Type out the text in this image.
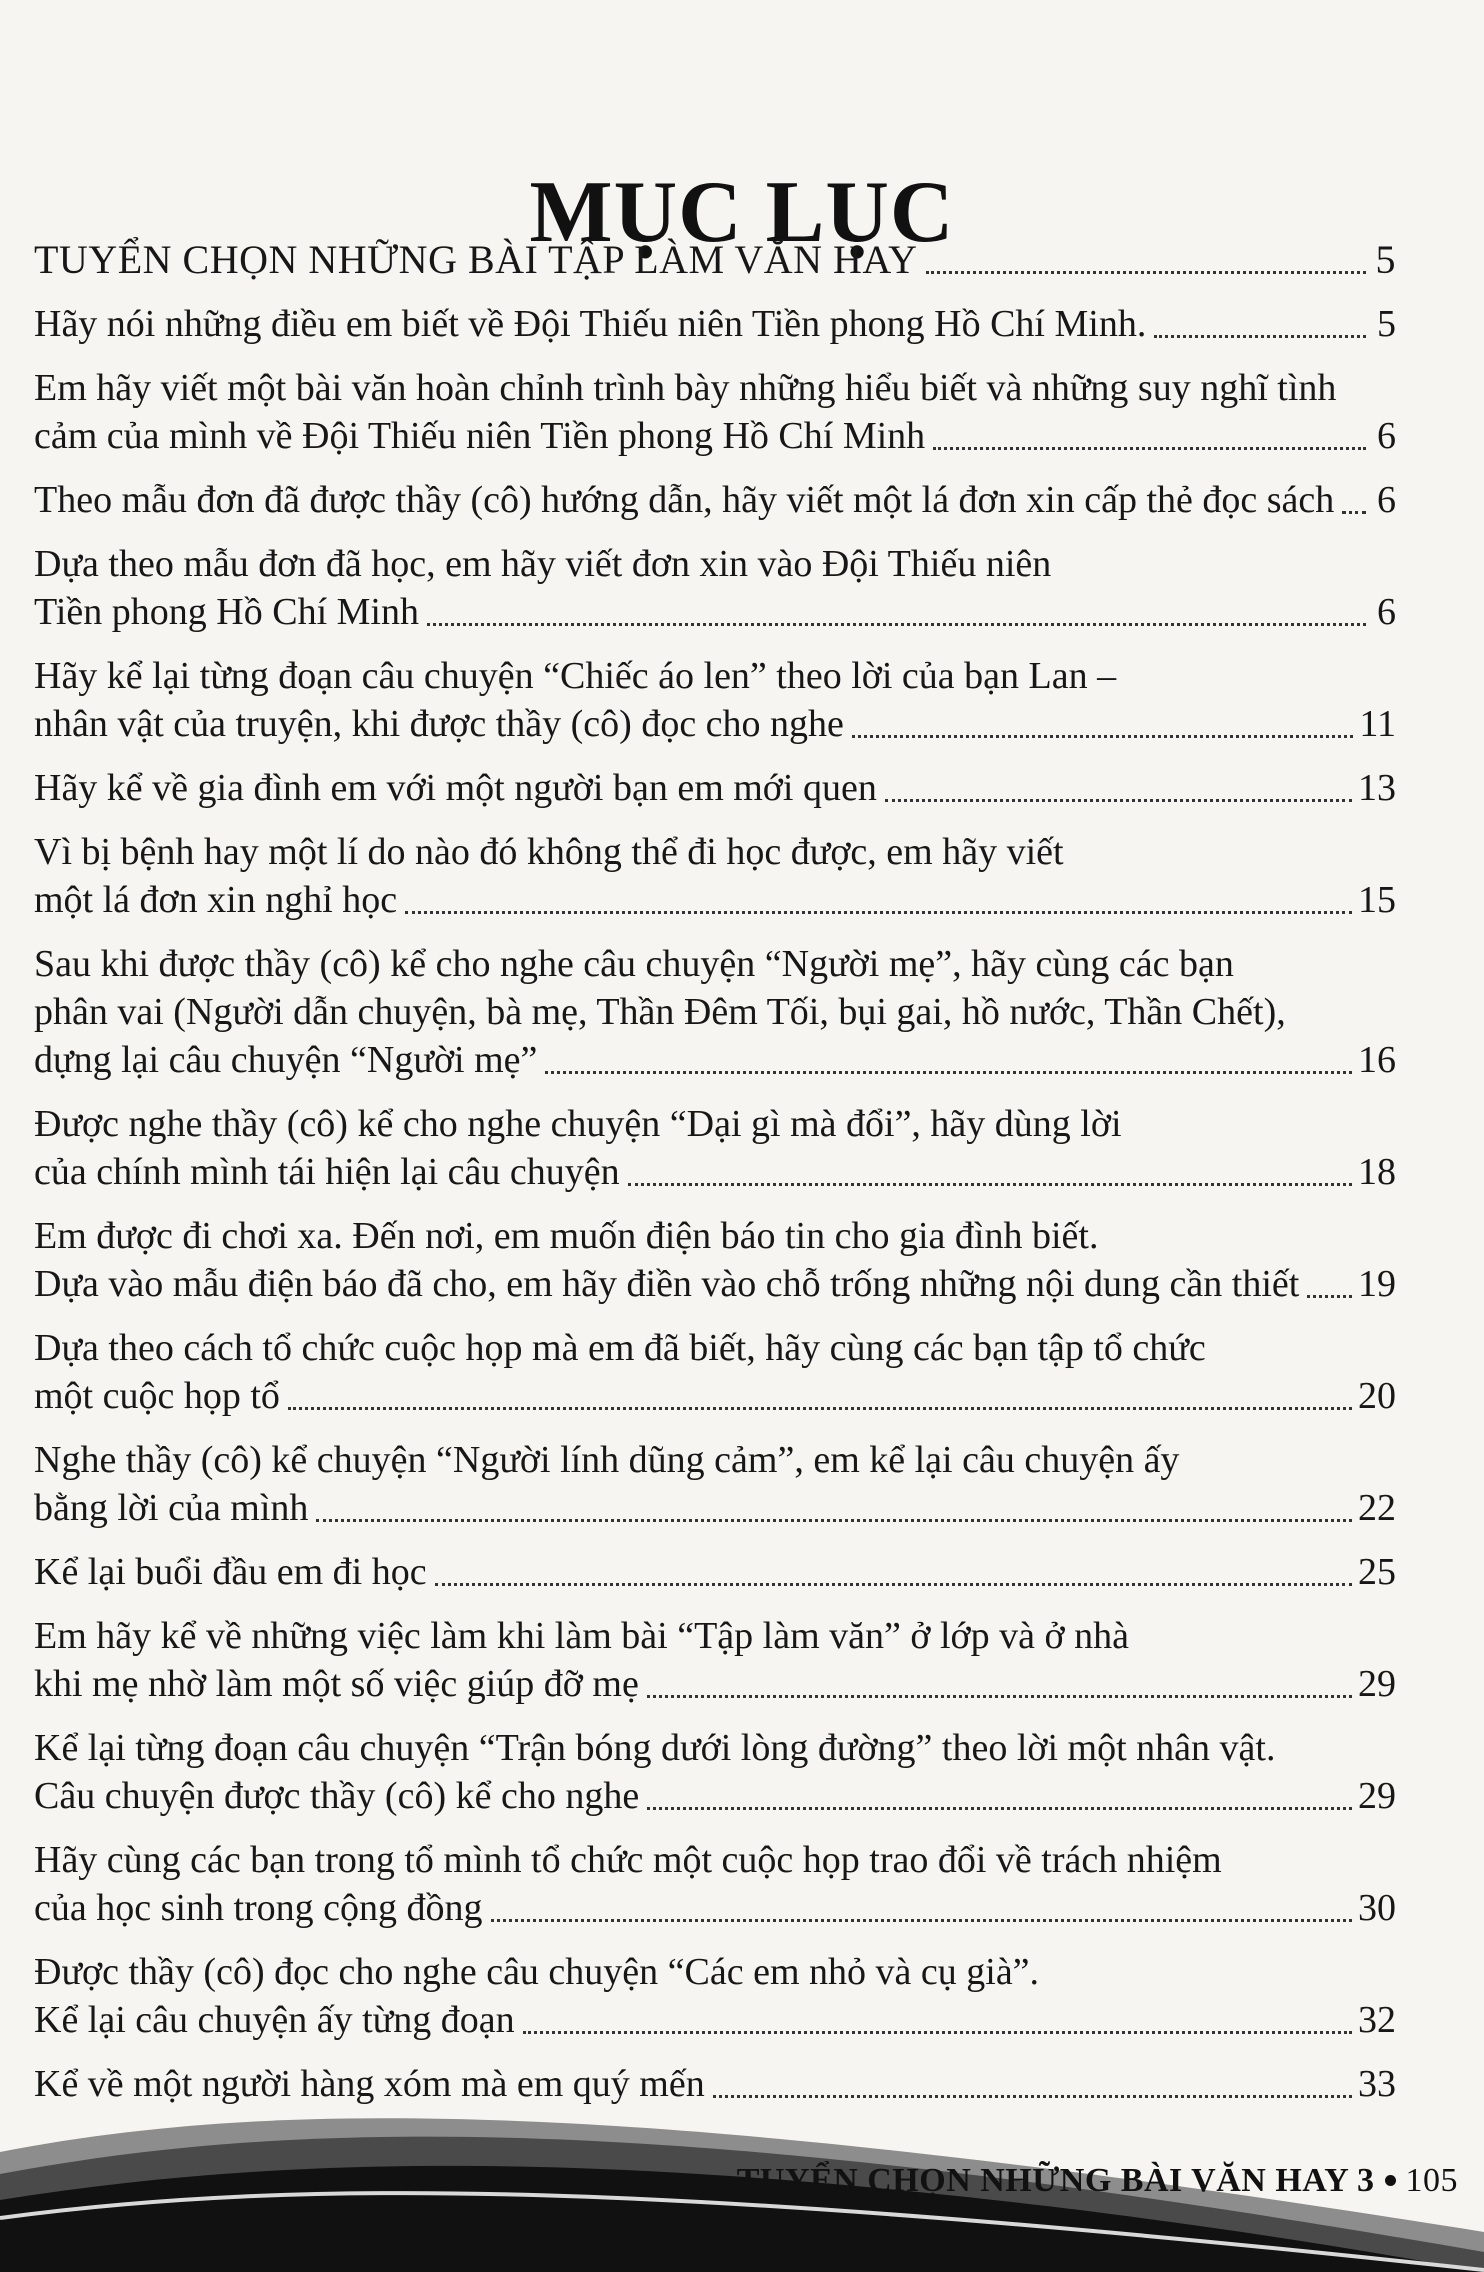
MỤC LỤC
TUYỂN CHỌN NHỮNG BÀI TẬP LÀM VĂN HAY	5
Hãy nói những điều em biết về Đội Thiếu niên Tiền phong Hồ Chí Minh.	5
Em hãy viết một bài văn hoàn chỉnh trình bày những hiểu biết và những suy nghĩ tình
cảm của mình về Đội Thiếu niên Tiền phong Hồ Chí Minh	6
Theo mẫu đơn đã được thầy (cô) hướng dẫn, hãy viết một lá đơn xin cấp thẻ đọc sách 6
Dựa theo mẫu đơn đã học, em hãy viết đơn xin vào Đội Thiếu niên
Tiền phong Hồ Chí Minh	6
Hãy kể lại từng đoạn câu chuyện “Chiếc áo len” theo lời của bạn Lan –
nhân vật của truyện, khi được thầy (cô) đọc cho nghe	11
Hãy kể về gia đình em với một người bạn em mới quen	13
Vì bị bệnh hay một lí do nào đó không thể đi học được, em hãy viết
một lá đơn xin nghỉ học	15
Sau khi được thầy (cô) kể cho nghe câu chuyện “Người mẹ”, hãy cùng các bạn
phân vai (Người dẫn chuyện, bà mẹ, Thần Đêm Tối, bụi gai, hồ nước, Thần Chết),
dựng lại câu chuyện “Người mẹ”	16
Được nghe thầy (cô) kể cho nghe chuyện “Dại gì mà đổi”, hãy dùng lời
của chính mình tái hiện lại câu chuyện	18
Em được đi chơi xa. Đến nơi, em muốn điện báo tin cho gia đình biết.
Dựa vào mẫu điện báo đã cho, em hãy điền vào chỗ trống những nội dung cần thiết 19
Dựa theo cách tổ chức cuộc họp mà em đã biết, hãy cùng các bạn tập tổ chức
một cuộc họp tổ	20
Nghe thầy (cô) kể chuyện “Người lính dũng cảm”, em kể lại câu chuyện ấy
bằng lời của mình	22
Kể lại buổi đầu em đi học	25
Em hãy kể về những việc làm khi làm bài “Tập làm văn” ở lớp và ở nhà
khi mẹ nhờ làm một số việc giúp đỡ mẹ	29
Kể lại từng đoạn câu chuyện “Trận bóng dưới lòng đường” theo lời một nhân vật.
Câu chuyện được thầy (cô) kể cho nghe	29
Hãy cùng các bạn trong tổ mình tổ chức một cuộc họp trao đổi về trách nhiệm
của học sinh trong cộng đồng	30
Được thầy (cô) đọc cho nghe câu chuyện “Các em nhỏ và cụ già”.
Kể lại câu chuyện ấy từng đoạn	32
Kể về một người hàng xóm mà em quý mến	33
TUYỂN CHỌN NHỮNG BÀI VĂN HAY 3 105
